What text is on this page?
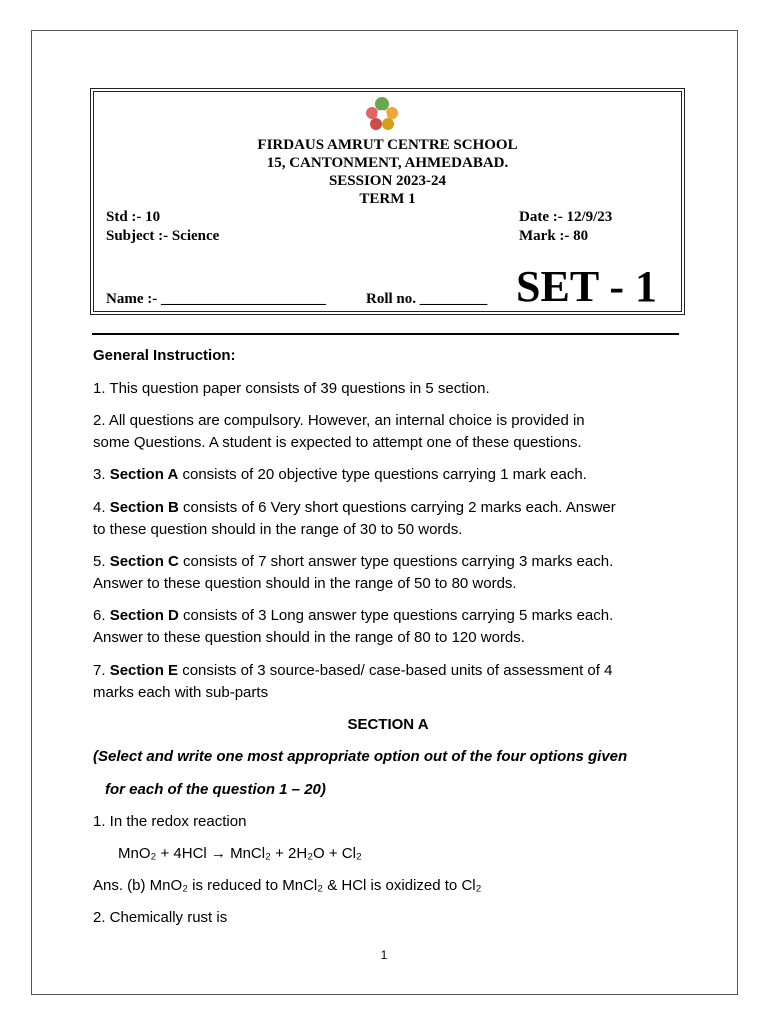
FIRDAUS AMRUT CENTRE SCHOOL
15, CANTONMENT, AHMEDABAD.
SESSION 2023-24
TERM 1
Std :- 10	Date :- 12/9/23
Subject :- Science	Mark :- 80
Name :- ______________________	Roll no. _________ SET - 1
General Instruction:
1. This question paper consists of 39 questions in 5 section.
2. All questions are compulsory. However, an internal choice is provided in
some Questions. A student is expected to attempt one of these questions.
3. Section A consists of 20 objective type questions carrying 1 mark each.
4. Section B consists of 6 Very short questions carrying 2 marks each. Answer
to these question should in the range of 30 to 50 words.
5. Section C consists of 7 short answer type questions carrying 3 marks each.
Answer to these question should in the range of 50 to 80 words.
6. Section D consists of 3 Long answer type questions carrying 5 marks each.
Answer to these question should in the range of 80 to 120 words.
7. Section E consists of 3 source-based/ case-based units of assessment of 4
marks each with sub-parts
SECTION A
(Select and write one most appropriate option out of the four options given
for each of the question 1 – 20)
1. In the redox reaction
MnO₂ + 4HCl → MnCl₂ + 2H₂O + Cl₂
Ans. (b) MnO₂ is reduced to MnCl₂ & HCl is oxidized to Cl₂
2. Chemically rust is
1
